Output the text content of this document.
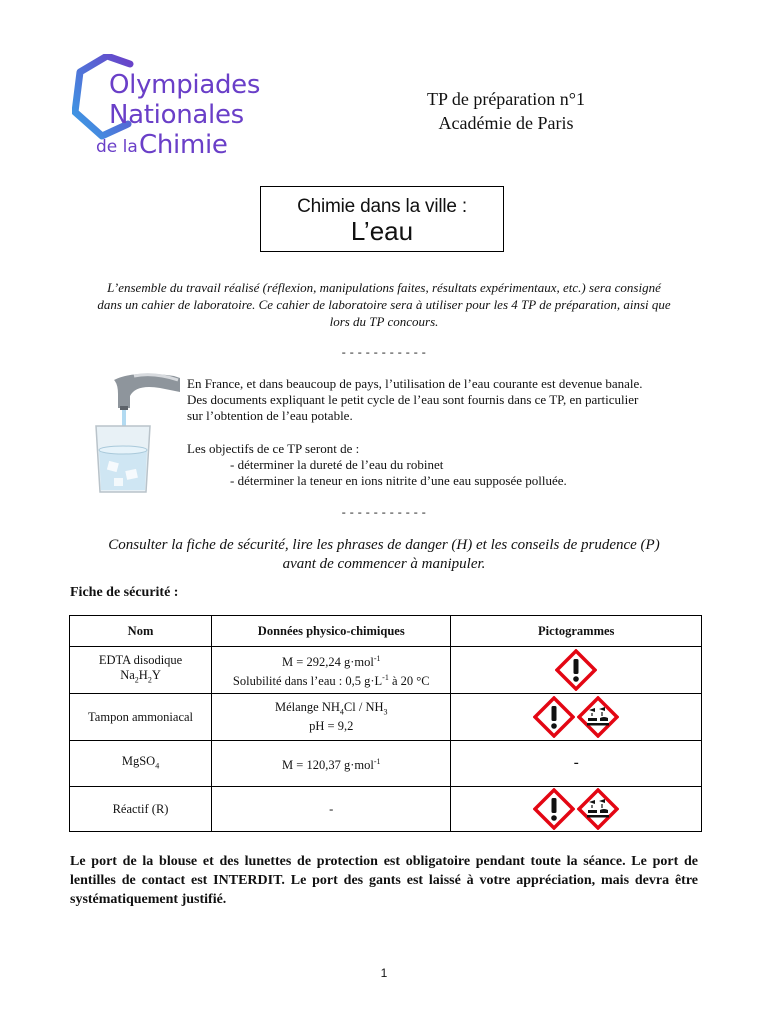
Olympiades
Nationales
de la Chimie
TP de préparation n°1
Académie de Paris
Chimie dans la ville :
L’eau
L’ensemble du travail réalisé (réflexion, manipulations faites, résultats expérimentaux, etc.) sera consigné
dans un cahier de laboratoire. Ce cahier de laboratoire sera à utiliser pour les 4 TP de préparation, ainsi que
lors du TP concours.
- - - - - - - - - - -
En France, et dans beaucoup de pays, l’utilisation de l’eau courante est devenue banale.
Des documents expliquant le petit cycle de l’eau sont fournis dans ce TP, en particulier
sur l’obtention de l’eau potable.
Les objectifs de ce TP seront de :
- déterminer la dureté de l’eau du robinet
- déterminer la teneur en ions nitrite d’une eau supposée polluée.
- - - - - - - - - - -
Consulter la fiche de sécurité, lire les phrases de danger (H) et les conseils de prudence (P)
avant de commencer à manipuler.
Fiche de sécurité :
Nom	Données physico-chimiques	Pictogrammes
EDTA disodique
$Na_2H_2Y$	M = 292,24 g·mol$^{-1}$
Solubilité dans l’eau : 0,5 $g\cdot L^{-1}$ à 20 °C	

Tampon ammoniacal	Mélange $NH_4Cl / NH_3$
pH = 9,2	

MgSO$_4$	M = 120,37 g·mol$^{-1}$	-
Réactif (R)	-	
Le port de la blouse et des lunettes de protection est obligatoire pendant toute la séance. Le port de lentilles de contact est INTERDIT. Le port des gants est laissé à votre appréciation, mais devra être systématiquement justifié.
1
